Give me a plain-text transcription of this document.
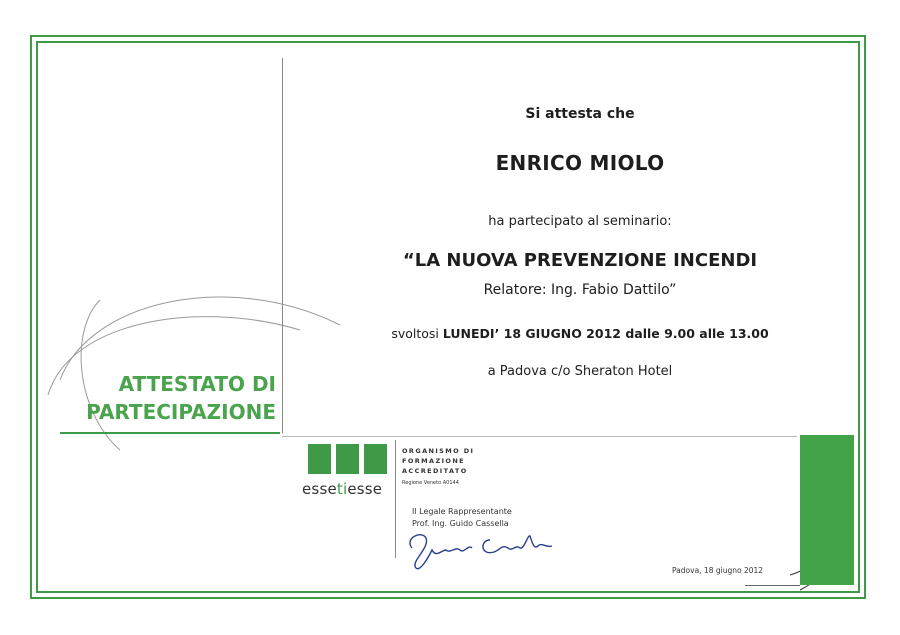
Si attesta che
ENRICO MIOLO
ha partecipato al seminario:
“LA NUOVA PREVENZIONE INCENDI
Relatore: Ing. Fabio Dattilo”
svoltosi LUNEDI’ 18 GIUGNO 2012 dalle 9.00 alle 13.00
a Padova c/o Sheraton Hotel
ATTESTATO DI
PARTECIPAZIONE
essetiesse
ORGANISMO DI
FORMAZIONE
ACCREDITATO
Regione Veneto A0144
Il Legale Rappresentante
Prof. Ing. Guido Cassella
Padova, 18 giugno 2012
